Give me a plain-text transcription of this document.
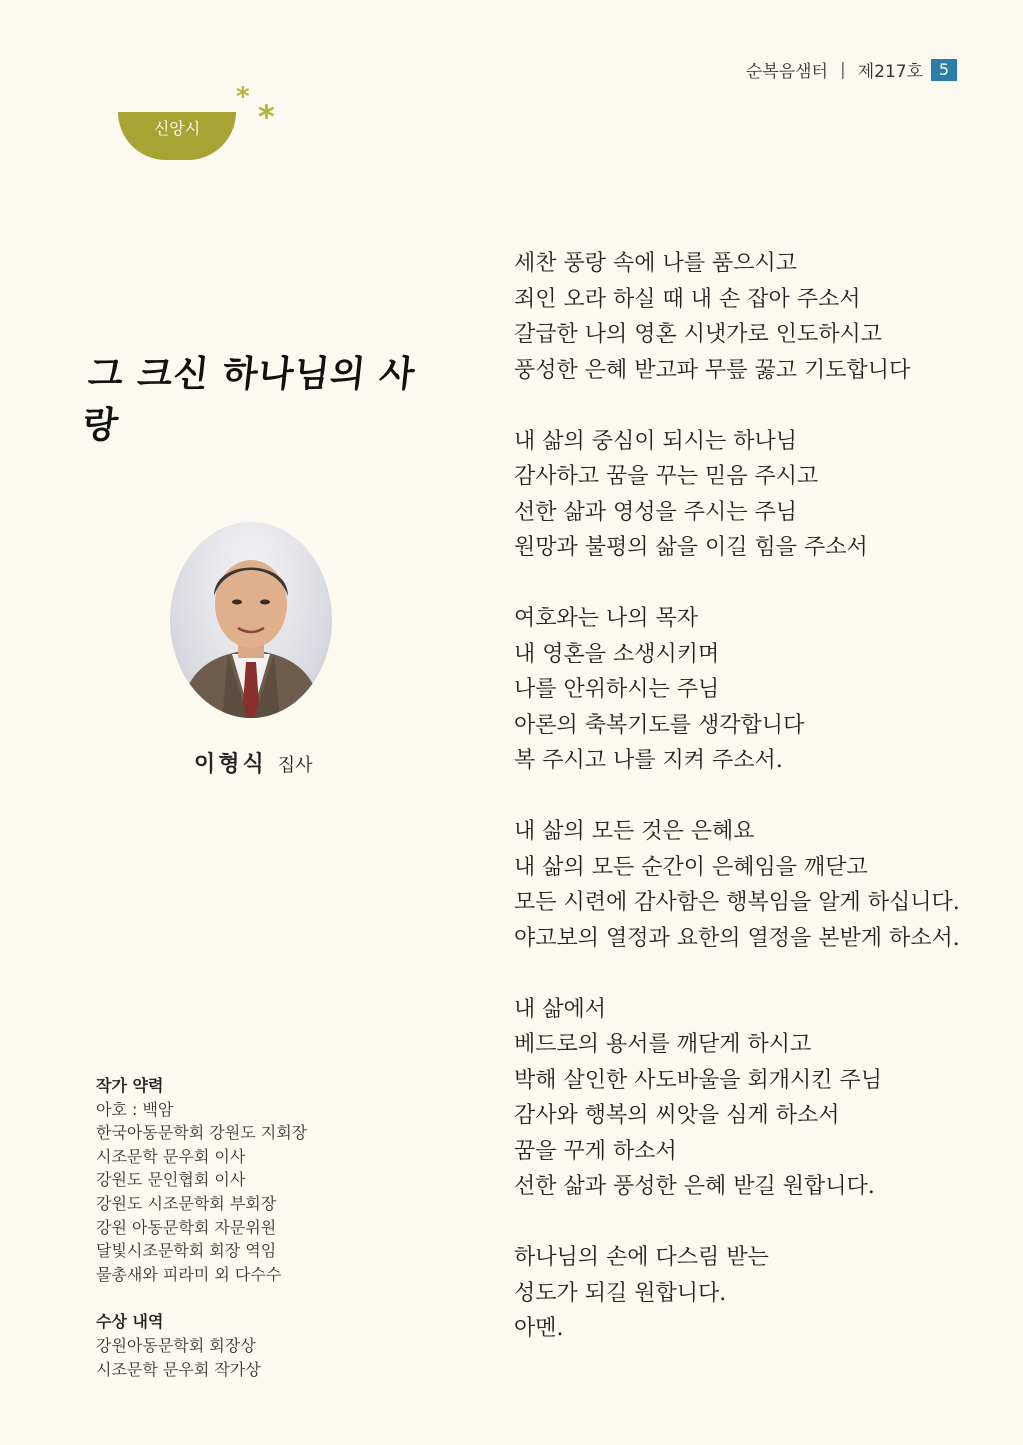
순복음샘터 | 제217호 5
신앙시
*
*
그 크신 하나님의 사랑
이형식 집사
세찬 풍랑 속에 나를 품으시고
죄인 오라 하실 때 내 손 잡아 주소서
갈급한 나의 영혼 시냇가로 인도하시고
풍성한 은혜 받고파 무릎 꿇고 기도합니다
내 삶의 중심이 되시는 하나님
감사하고 꿈을 꾸는 믿음 주시고
선한 삶과 영성을 주시는 주님
원망과 불평의 삶을 이길 힘을 주소서
여호와는 나의 목자
내 영혼을 소생시키며
나를 안위하시는 주님
아론의 축복기도를 생각합니다
복 주시고 나를 지켜 주소서.
내 삶의 모든 것은 은혜요
내 삶의 모든 순간이 은혜임을 깨닫고
모든 시련에 감사함은 행복임을 알게 하십니다.
야고보의 열정과 요한의 열정을 본받게 하소서.
내 삶에서
베드로의 용서를 깨닫게 하시고
박해 살인한 사도바울을 회개시킨 주님
감사와 행복의 씨앗을 심게 하소서
꿈을 꾸게 하소서
선한 삶과 풍성한 은혜 받길 원합니다.
하나님의 손에 다스림 받는
성도가 되길 원합니다.
아멘.
작가 약력
아호 : 백암
한국아동문학회 강원도 지회장
시조문학 문우회 이사
강원도 문인협회 이사
강원도 시조문학회 부회장
강원 아동문학회 자문위원
달빛시조문학회 회장 역임
물총새와 피라미 외 다수수
수상 내역
강원아동문학회 회장상
시조문학 문우회 작가상
